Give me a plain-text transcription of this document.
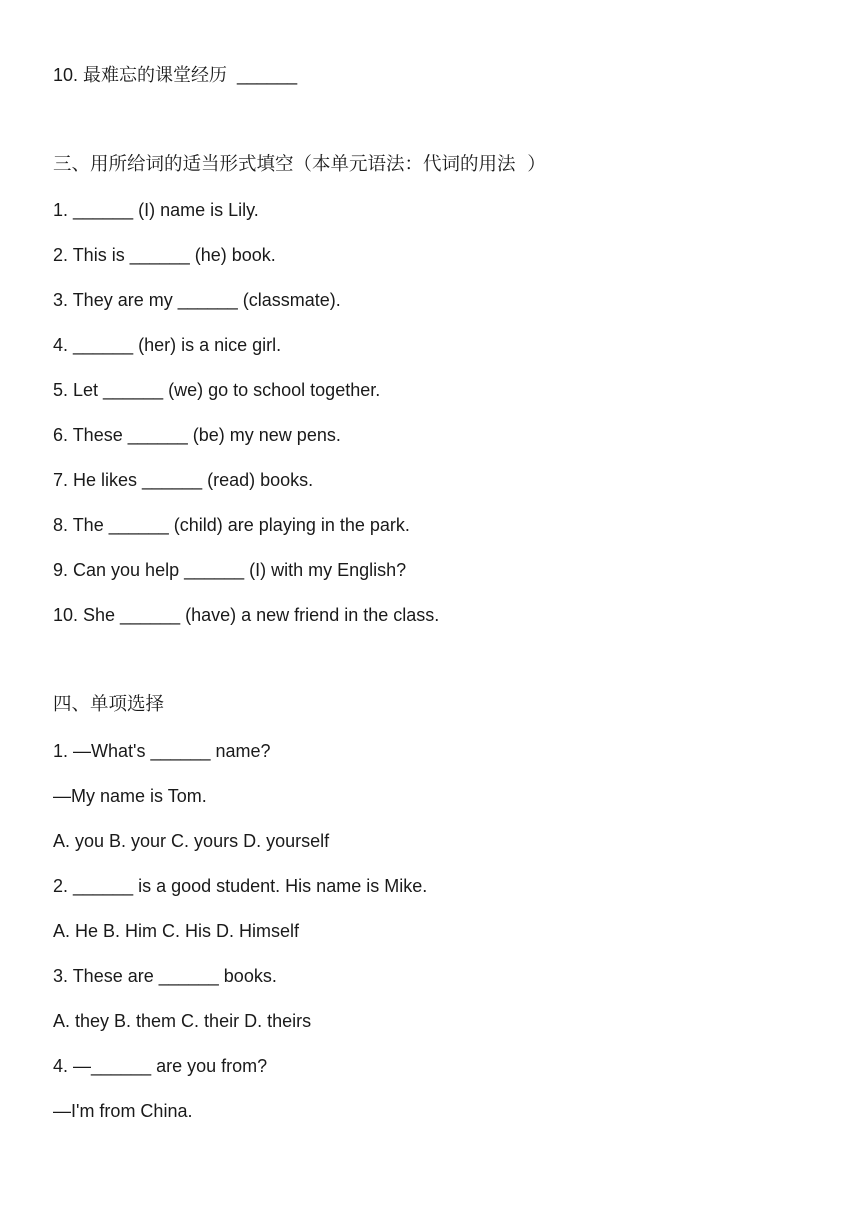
10. 最难忘的课堂经历  ______
三、用所给词的适当形式填空（本单元语法：代词的用法  ）
1. ______ (I) name is Lily.
2. This is ______ (he) book.
3. They are my ______ (classmate).
4. ______ (her) is a nice girl.
5. Let ______ (we) go to school together.
6. These ______ (be) my new pens.
7. He likes ______ (read) books.
8. The ______ (child) are playing in the park.
9. Can you help ______ (I) with my English?
10. She ______ (have) a new friend in the class.
四、单项选择
1. —What's ______ name?
—My name is Tom.
A. you B. your C. yours D. yourself
2. ______ is a good student. His name is Mike.
A. He B. Him C. His D. Himself
3. These are ______ books.
A. they B. them C. their D. theirs
4. —______ are you from?
—I'm from China.
